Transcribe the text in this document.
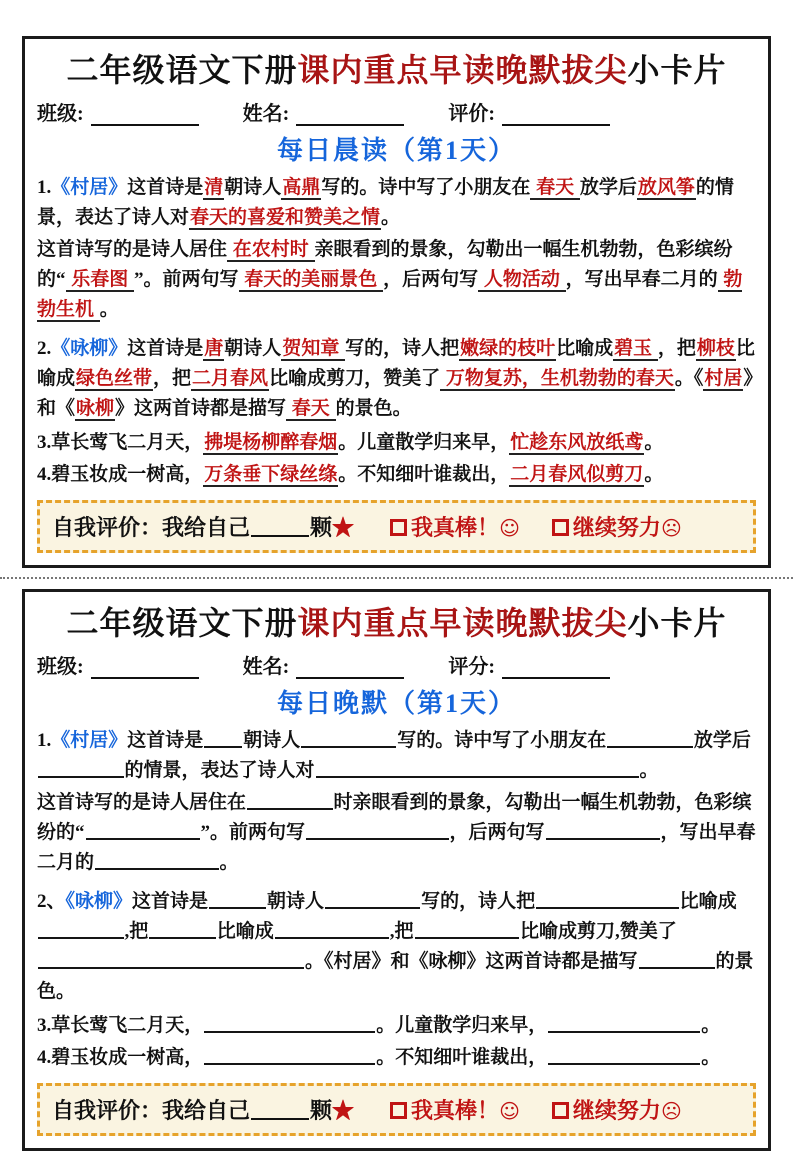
二年级语文下册课内重点早读晚默拔尖小卡片
班级:	姓名:	评价:
每日晨读（第1天）

1.《村居》这首诗是清朝诗人高鼎写的。诗中写了小朋友在 春天 放学后放风筝的情景，表达了诗人对春天的喜爱和赞美之情。

这首诗写的是诗人居住 在农村时 亲眼看到的景象，勾勒出一幅生机勃勃，色彩缤纷的“ 乐春图 ”。前两句写 春天的美丽景色 ，后两句写 人物活动 ，写出早春二月的 勃勃生机 。

2.《咏柳》这首诗是唐朝诗人贺知章 写的，诗人把嫩绿的枝叶比喻成碧玉 ，把柳枝比喻成绿色丝带，把二月春风比喻成剪刀，赞美了 万物复苏，生机勃勃的春天。《村居》和《咏柳》这两首诗都是描写 春天 的景色。

3.草长莺飞二月天，拂堤杨柳醉春烟。儿童散学归来早，忙趁东风放纸鸢。

4.碧玉妆成一树高，万条垂下绿丝绦。不知细叶谁裁出，二月春风似剪刀。

自我评价：我给自己	颗★	我真棒！☺ 继续努力☹
二年级语文下册课内重点早读晚默拔尖小卡片
班级:	姓名:	评分:
每日晚默（第1天）

1.《村居》这首诗是 朝诗人	写的。诗中写了小朋友在	放学后的情景，表达了诗人对	。

这首诗写的是诗人居住在	时亲眼看到的景象，勾勒出一幅生机勃勃，色彩缤纷的“	”。前两句写	，后两句写	，写出早春二月的	。

2、《咏柳》这首诗是	朝诗人	写的，诗人把	比喻成,把	比喻成	,把	比喻成剪刀,赞美了。《村居》和《咏柳》这两首诗都是描写	的景色。

3.草长莺飞二月天，	。儿童散学归来早，	。

4.碧玉妆成一树高，	。不知细叶谁裁出，	。

自我评价：我给自己	颗★	我真棒！☺ 继续努力☹
